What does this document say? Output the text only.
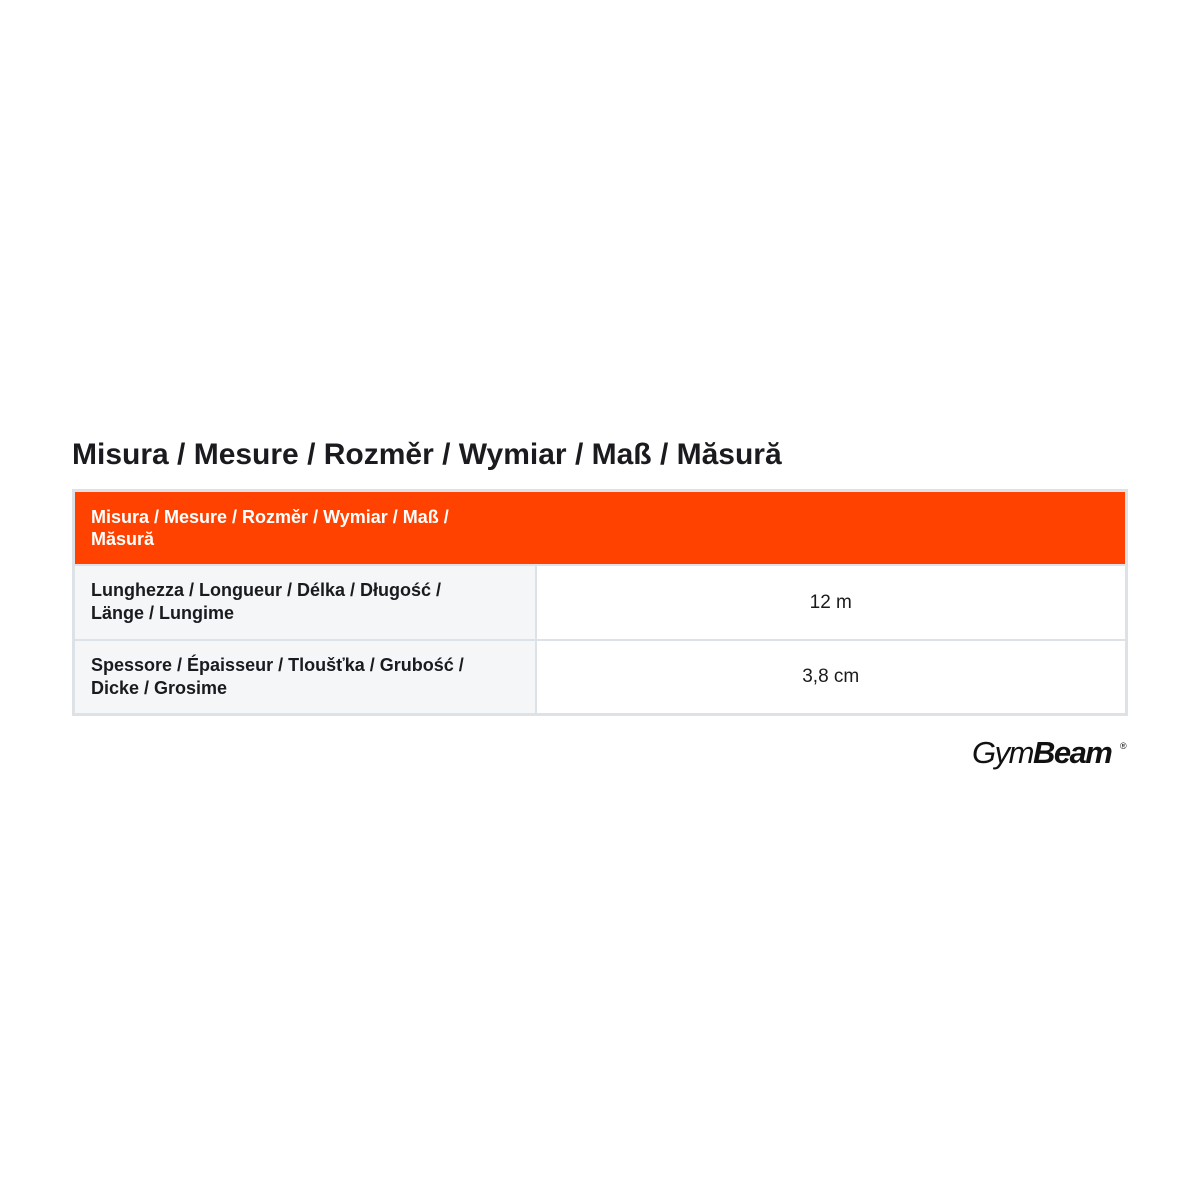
Misura / Mesure / Rozměr / Wymiar / Maß / Măsură
Misura / Mesure / Rozměr / Wymiar / Maß / Măsură	

Lunghezza / Longueur / Délka / Długość / Länge / Lungime	12 m

Spessore / Épaisseur / Tloušťka / Grubość / Dicke / Grosime	3,8 cm
GymBeam ®
